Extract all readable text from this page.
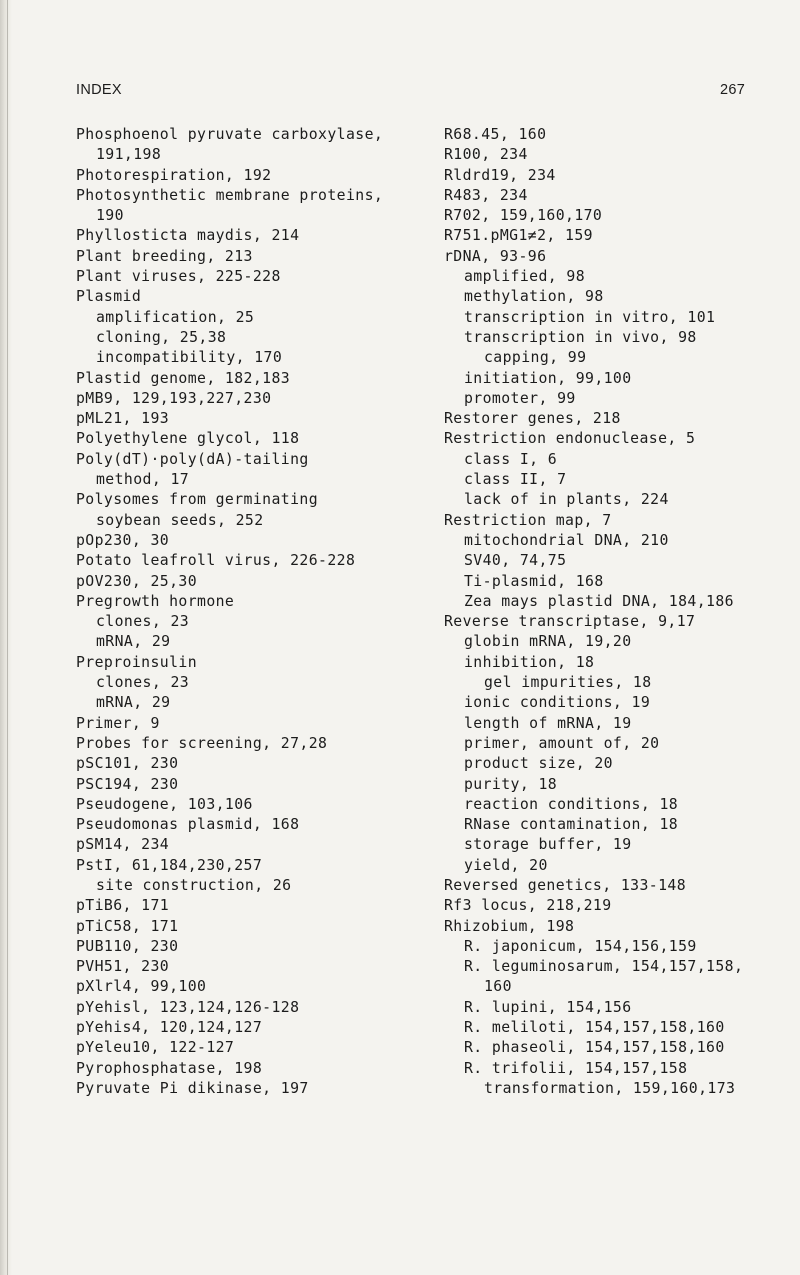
INDEX	267
Phosphoenol pyruvate carboxylase,
191,198
Photorespiration, 192
Photosynthetic membrane proteins,
190
Phyllosticta maydis, 214
Plant breeding, 213
Plant viruses, 225-228
Plasmid
amplification, 25
cloning, 25,38
incompatibility, 170
Plastid genome, 182,183
pMB9, 129,193,227,230
pML21, 193
Polyethylene glycol, 118
Poly(dT)·poly(dA)-tailing
method, 17
Polysomes from germinating
soybean seeds, 252
pOp230, 30
Potato leafroll virus, 226-228
pOV230, 25,30
Pregrowth hormone
clones, 23
mRNA, 29
Preproinsulin
clones, 23
mRNA, 29
Primer, 9
Probes for screening, 27,28
pSC101, 230
PSC194, 230
Pseudogene, 103,106
Pseudomonas plasmid, 168
pSM14, 234
PstI, 61,184,230,257
site construction, 26
pTiB6, 171
pTiC58, 171
PUB110, 230
PVH51, 230
pXlrl4, 99,100
pYehisl, 123,124,126-128
pYehis4, 120,124,127
pYeleu10, 122-127
Pyrophosphatase, 198
Pyruvate Pi dikinase, 197
R68.45, 160
R100, 234
Rldrd19, 234
R483, 234
R702, 159,160,170
R751.pMG1≠2, 159
rDNA, 93-96
amplified, 98
methylation, 98
transcription in vitro, 101
transcription in vivo, 98
capping, 99
initiation, 99,100
promoter, 99
Restorer genes, 218
Restriction endonuclease, 5
class I, 6
class II, 7
lack of in plants, 224
Restriction map, 7
mitochondrial DNA, 210
SV40, 74,75
Ti-plasmid, 168
Zea mays plastid DNA, 184,186
Reverse transcriptase, 9,17
globin mRNA, 19,20
inhibition, 18
gel impurities, 18
ionic conditions, 19
length of mRNA, 19
primer, amount of, 20
product size, 20
purity, 18
reaction conditions, 18
RNase contamination, 18
storage buffer, 19
yield, 20
Reversed genetics, 133-148
Rf3 locus, 218,219
Rhizobium, 198
R. japonicum, 154,156,159
R. leguminosarum, 154,157,158,
160
R. lupini, 154,156
R. meliloti, 154,157,158,160
R. phaseoli, 154,157,158,160
R. trifolii, 154,157,158
transformation, 159,160,173
